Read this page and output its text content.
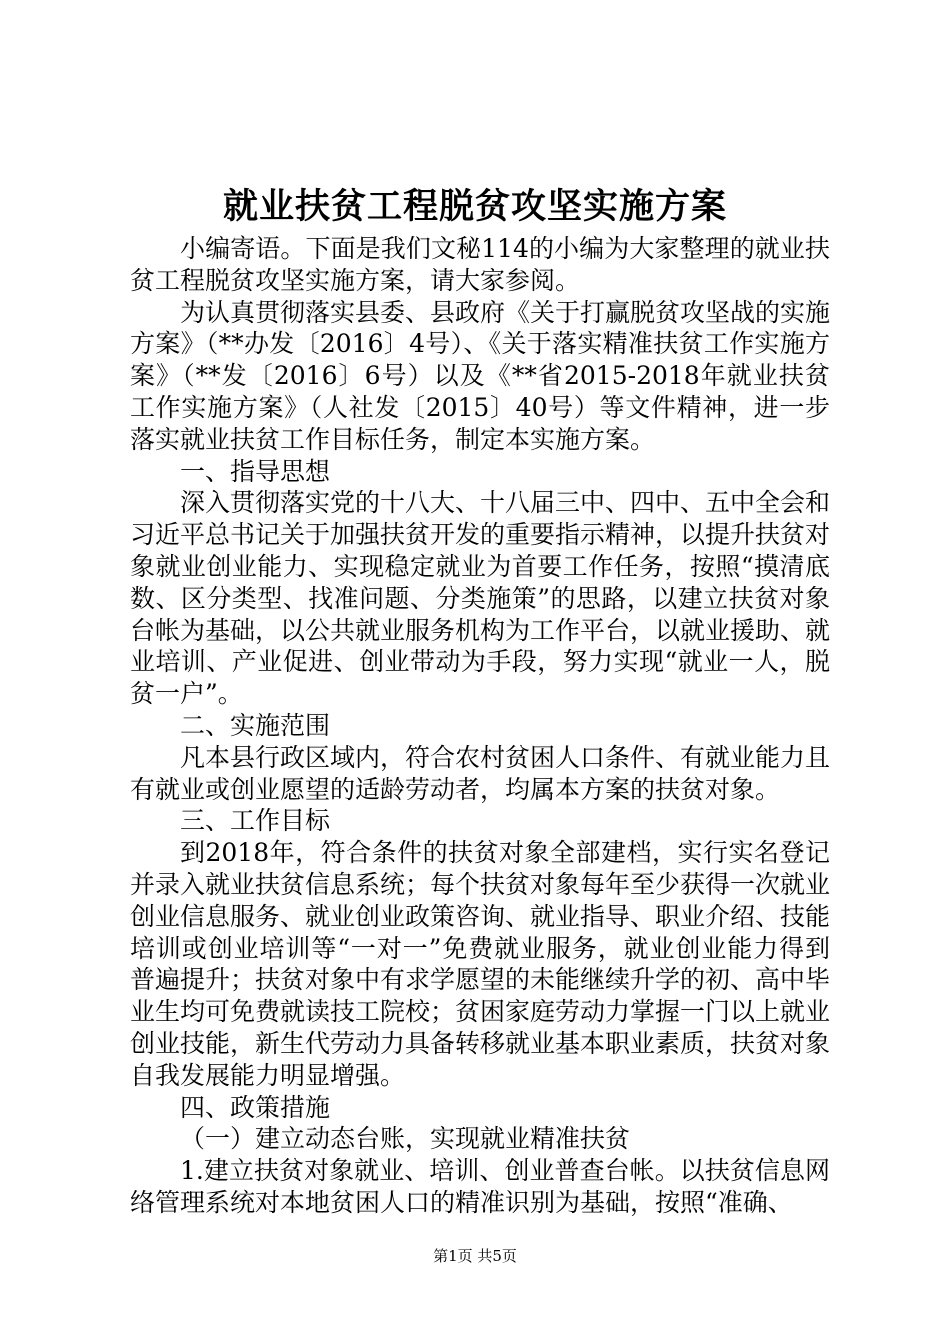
就业扶贫工程脱贫攻坚实施方案

小编寄语。下面是我们文秘114的小编为大家整理的就业扶贫工程脱贫攻坚实施方案，请大家参阅。

为认真贯彻落实县委、县政府《关于打赢脱贫攻坚战的实施方案》（**办发〔2016〕4号）、《关于落实精准扶贫工作实施方案》（**发〔2016〕6号）以及《**省2015-2018年就业扶贫工作实施方案》（人社发〔2015〕40号）等文件精神，进一步落实就业扶贫工作目标任务，制定本实施方案。

一、指导思想

深入贯彻落实党的十八大、十八届三中、四中、五中全会和习近平总书记关于加强扶贫开发的重要指示精神，以提升扶贫对象就业创业能力、实现稳定就业为首要工作任务，按照“摸清底数、区分类型、找准问题、分类施策”的思路，以建立扶贫对象台帐为基础，以公共就业服务机构为工作平台，以就业援助、就业培训、产业促进、创业带动为手段，努力实现“就业一人，脱贫一户”。

二、实施范围

凡本县行政区域内，符合农村贫困人口条件、有就业能力且有就业或创业愿望的适龄劳动者，均属本方案的扶贫对象。

三、工作目标

到2018年，符合条件的扶贫对象全部建档，实行实名登记并录入就业扶贫信息系统；每个扶贫对象每年至少获得一次就业创业信息服务、就业创业政策咨询、就业指导、职业介绍、技能培训或创业培训等“一对一”免费就业服务，就业创业能力得到普遍提升；扶贫对象中有求学愿望的未能继续升学的初、高中毕业生均可免费就读技工院校；贫困家庭劳动力掌握一门以上就业创业技能，新生代劳动力具备转移就业基本职业素质，扶贫对象自我发展能力明显增强。

四、政策措施

（一）建立动态台账，实现就业精准扶贫

1.建立扶贫对象就业、培训、创业普查台帐。以扶贫信息网络管理系统对本地贫困人口的精准识别为基础，按照“准确、

第1页 共5页
